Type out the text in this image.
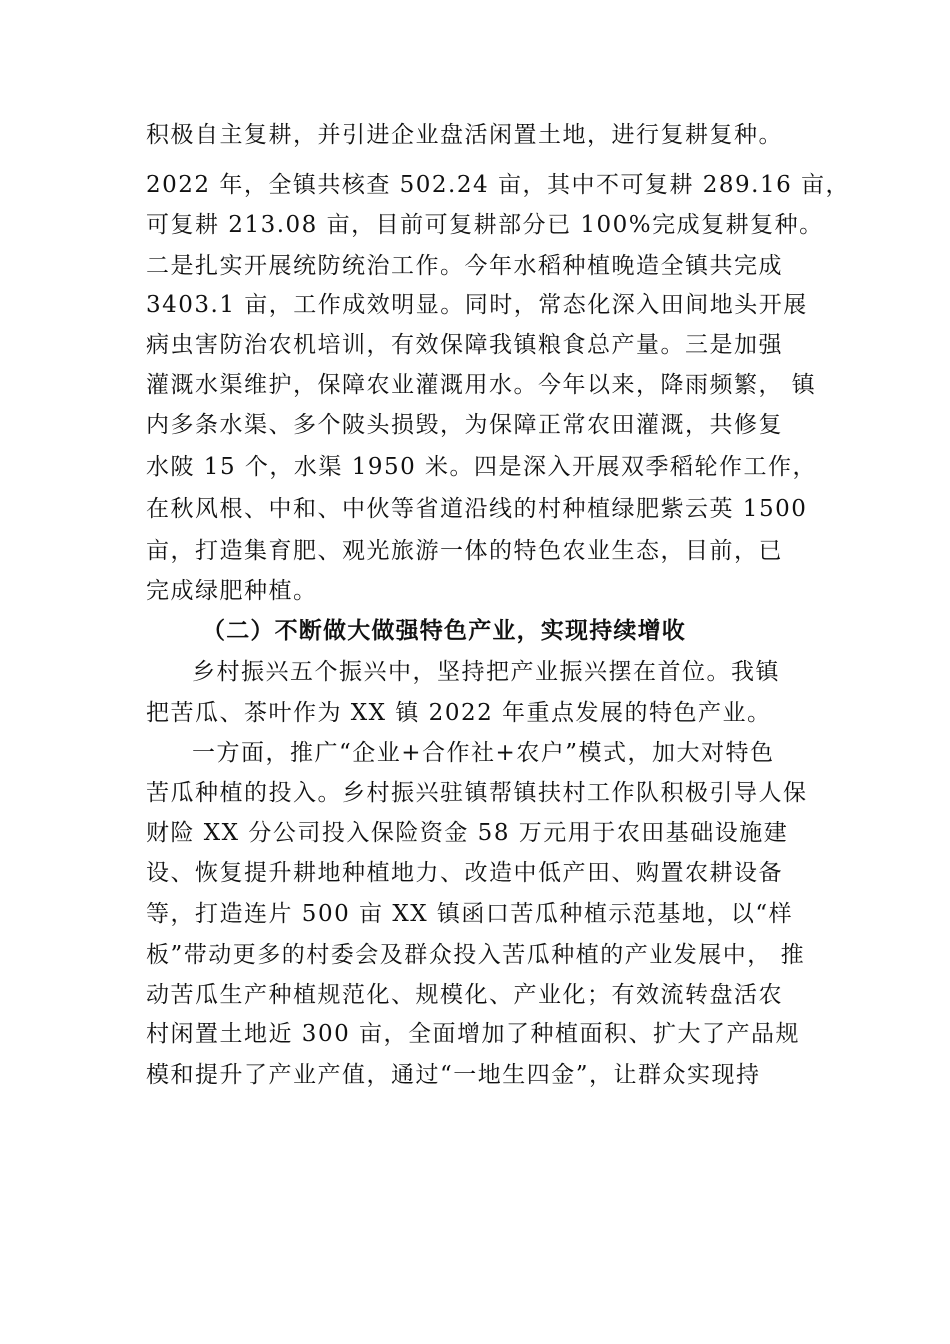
积极自主复耕，并引进企业盘活闲置土地，进行复耕复种。
2022 年，全镇共核查 502.24 亩，其中不可复耕 289.16 亩，
可复耕 213.08 亩，目前可复耕部分已 100%完成复耕复种。
二是扎实开展统防统治工作。今年水稻种植晚造全镇共完成
3403.1 亩，工作成效明显。同时，常态化深入田间地头开展
病虫害防治农机培训，有效保障我镇粮食总产量。三是加强
灌溉水渠维护，保障农业灌溉用水。今年以来，降雨频繁， 镇
内多条水渠、多个陂头损毁，为保障正常农田灌溉，共修复
水陂 15 个，水渠 1950 米。四是深入开展双季稻轮作工作，
在秋风根、中和、中伙等省道沿线的村种植绿肥紫云英 1500
亩，打造集育肥、观光旅游一体的特色农业生态，目前，已
完成绿肥种植。
（二）不断做大做强特色产业，实现持续增收
乡村振兴五个振兴中，坚持把产业振兴摆在首位。我镇
把苦瓜、茶叶作为 XX 镇 2022 年重点发展的特色产业。
一方面，推广“企业+合作社+农户”模式，加大对特色
苦瓜种植的投入。乡村振兴驻镇帮镇扶村工作队积极引导人保
财险 XX 分公司投入保险资金 58 万元用于农田基础设施建
设、恢复提升耕地种植地力、改造中低产田、购置农耕设备
等，打造连片 500 亩 XX 镇函口苦瓜种植示范基地，以“样
板”带动更多的村委会及群众投入苦瓜种植的产业发展中， 推
动苦瓜生产种植规范化、规模化、产业化；有效流转盘活农
村闲置土地近 300 亩，全面增加了种植面积、扩大了产品规
模和提升了产业产值，通过“一地生四金”，让群众实现持
